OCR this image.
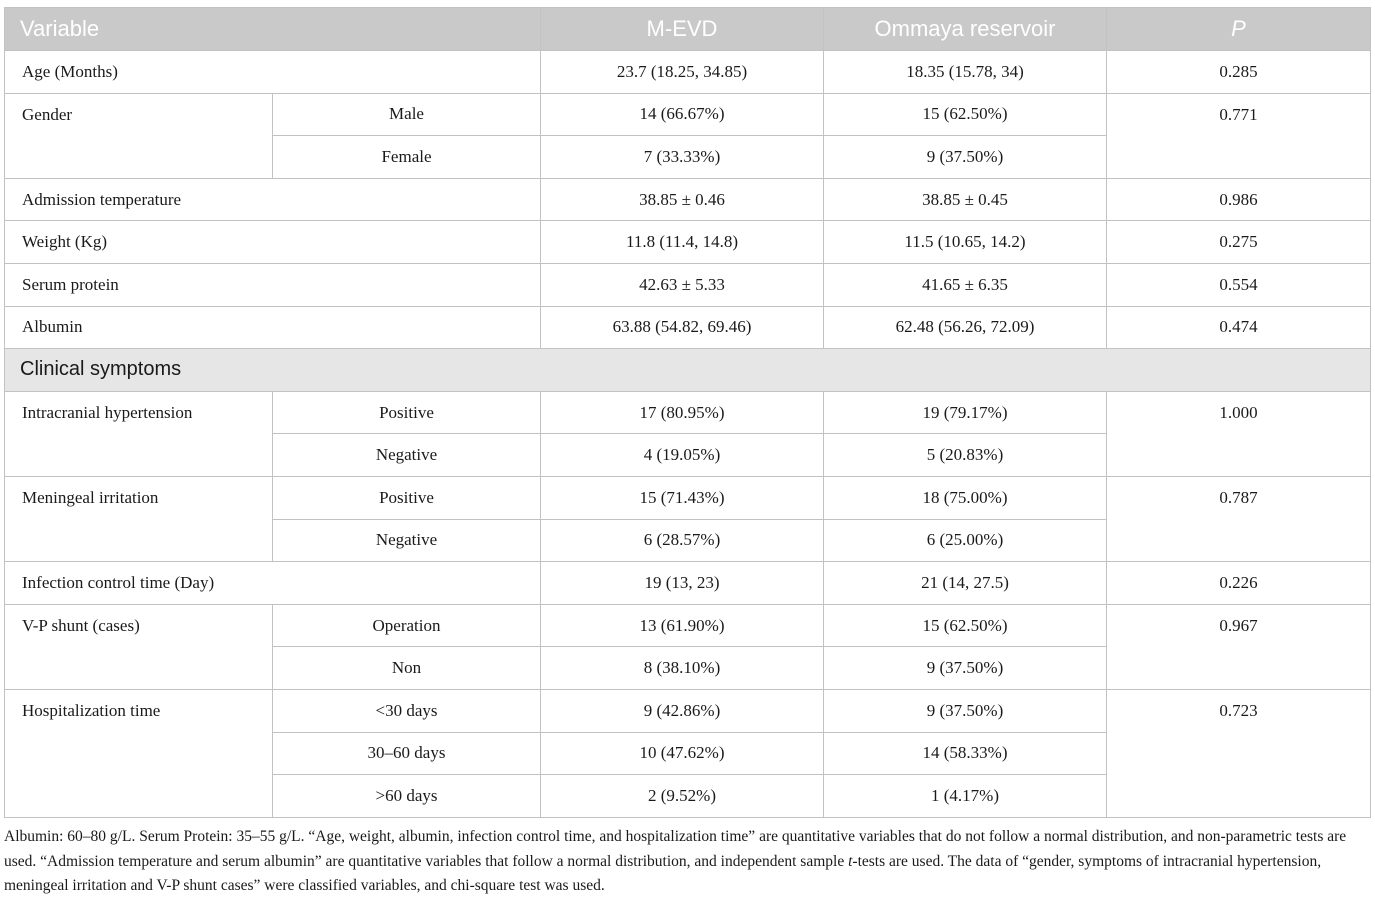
Variable		M-EVD	Ommaya reservoir	P
Age (Months)		23.7 (18.25, 34.85)	18.35 (15.78, 34)	0.285
Gender	Male	14 (66.67%)	15 (62.50%)	0.771
	Female	7 (33.33%)	9 (37.50%)	
Admission temperature		38.85 ± 0.46	38.85 ± 0.45	0.986
Weight (Kg)		11.8 (11.4, 14.8)	11.5 (10.65, 14.2)	0.275
Serum protein		42.63 ± 5.33	41.65 ± 6.35	0.554
Albumin		63.88 (54.82, 69.46)	62.48 (56.26, 72.09)	0.474
Clinical symptoms				
Intracranial hypertension	Positive	17 (80.95%)	19 (79.17%)	1.000
	Negative	4 (19.05%)	5 (20.83%)	
Meningeal irritation	Positive	15 (71.43%)	18 (75.00%)	0.787
	Negative	6 (28.57%)	6 (25.00%)	
Infection control time (Day)		19 (13, 23)	21 (14, 27.5)	0.226
V-P shunt (cases)	Operation	13 (61.90%)	15 (62.50%)	0.967
	Non	8 (38.10%)	9 (37.50%)	
Hospitalization time	<30 days	9 (42.86%)	9 (37.50%)	0.723
	30–60 days	10 (47.62%)	14 (58.33%)	
	>60 days	2 (9.52%)	1 (4.17%)	
Albumin: 60–80 g/L. Serum Protein: 35–55 g/L. “Age, weight, albumin, infection control time, and hospitalization time” are quantitative variables that do not follow a normal distribution, and non-parametric tests are used. “Admission temperature and serum albumin” are quantitative variables that follow a normal distribution, and independent sample t-tests are used. The data of “gender, symptoms of intracranial hypertension, meningeal irritation and V-P shunt cases” were classified variables, and chi-square test was used.
